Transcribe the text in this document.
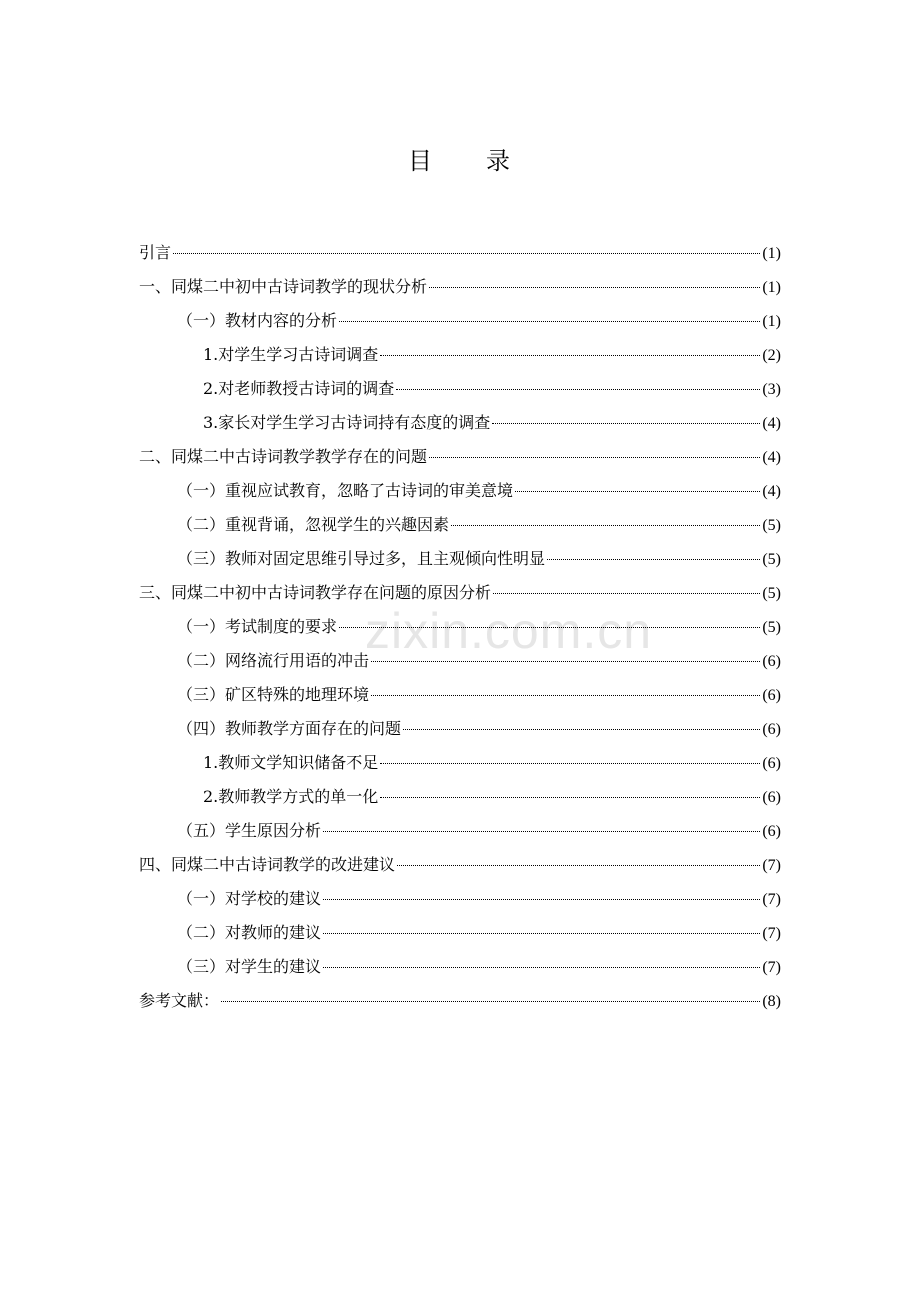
目 录
zixin.com.cn
引言	(1)
一、同煤二中初中古诗词教学的现状分析	(1)
（一）教材内容的分析	(1)
1.对学生学习古诗词调查	(2)
2.对老师教授古诗词的调查	(3)
3.家长对学生学习古诗词持有态度的调查	(4)
二、同煤二中古诗词教学教学存在的问题	(4)
（一）重视应试教育，忽略了古诗词的审美意境	(4)
（二）重视背诵，忽视学生的兴趣因素	(5)
（三）教师对固定思维引导过多，且主观倾向性明显	(5)
三、同煤二中初中古诗词教学存在问题的原因分析	(5)
（一）考试制度的要求	(5)
（二）网络流行用语的冲击	(6)
（三）矿区特殊的地理环境	(6)
（四）教师教学方面存在的问题	(6)
1.教师文学知识储备不足	(6)
2.教师教学方式的单一化	(6)
（五）学生原因分析	(6)
四、同煤二中古诗词教学的改进建议	(7)
（一）对学校的建议	(7)
（二）对教师的建议	(7)
（三）对学生的建议	(7)
参考文献：	(8)
